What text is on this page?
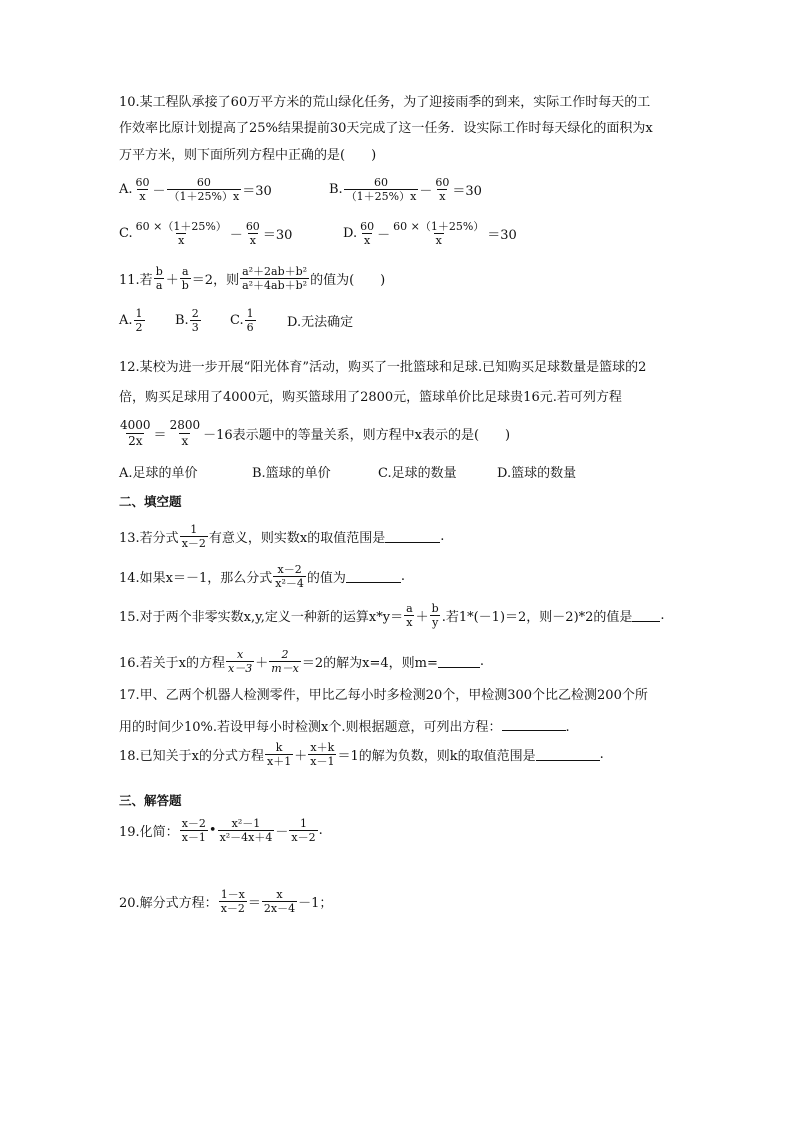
10.某工程队承接了60万平方米的荒山绿化任务，为了迎接雨季的到来，实际工作时每天的工
作效率比原计划提高了25%结果提前30天完成了这一任务．设实际工作时每天绿化的面积为x
万平方米，则下面所列方程中正确的是(　　)
A. $\frac{60}{x} - \frac{60}{(1+25\%)x} =30$	B. $\frac{60}{(1+25\%)x} - \frac{60}{x} =30$
C. $\frac{60 \times(1+25\%)}{x} - \frac{60}{x} =30$	D. $\frac{60}{x} - \frac{60 \times(1+25\%)}{x} =30$
11.若 $\frac{b}{a} + \frac{a}{b} =2$，则 $\frac{\text{a²＋2ab＋b²}}{\text{a²＋4ab＋b²}}$ 的值为(　　)
A. $\frac{1}{2} B$. $\frac{2}{3} C$. $\frac{1}{6} D$.无法确定
12.某校为进一步开展“阳光体育”活动，购买了一批篮球和足球.已知购买足球数量是篮球的2
倍，购买足球用了4000元，购买篮球用了2800元，篮球单价比足球贵16元.若可列方程
$\frac{4000}{2x} = \frac{2800}{x} -16$表示题中的等量关系，则方程中x表示的是(　　)
A.足球的单价	B.篮球的单价	C.足球的数量	D.篮球的数量
二、填空题
13.若分式 $\frac{1}{x-2}$ 有意义，则实数x的取值范围是	.
14.如果x＝－1，那么分式 $\frac{x-2}{\text{x²－4}}$ 的值为	.
15.对于两个非零实数x,y,定义一种新的运算$x*y= \frac{a}{x} + \frac{b}{y}$ .若1*(－1)＝2，则－2)*2的值是 .
16.若关于x的方程 $\frac{x}{x-3} + \frac{2}{m-x} =2$的解为x=4，则m=	.
17.甲、乙两个机器人检测零件，甲比乙每小时多检测20个，甲检测300个比乙检测200个所
用的时间少10%.若设甲每小时检测x个.则根据题意，可列出方程：	.
18.已知关于x的分式方程 $\frac{k}{x+1} + \frac{x+k}{x-1} =1$的解为负数，则k的取值范围是	.
三、解答题
19.化简： $\frac{x-2}{x-1}$ • $\frac{\text{x²－1}}{\text{x²－4x＋4}} - \frac{1}{x-2}$ .
20.解分式方程： $\frac{1-x}{x-2} = \frac{x}{2x-4} -1$；
